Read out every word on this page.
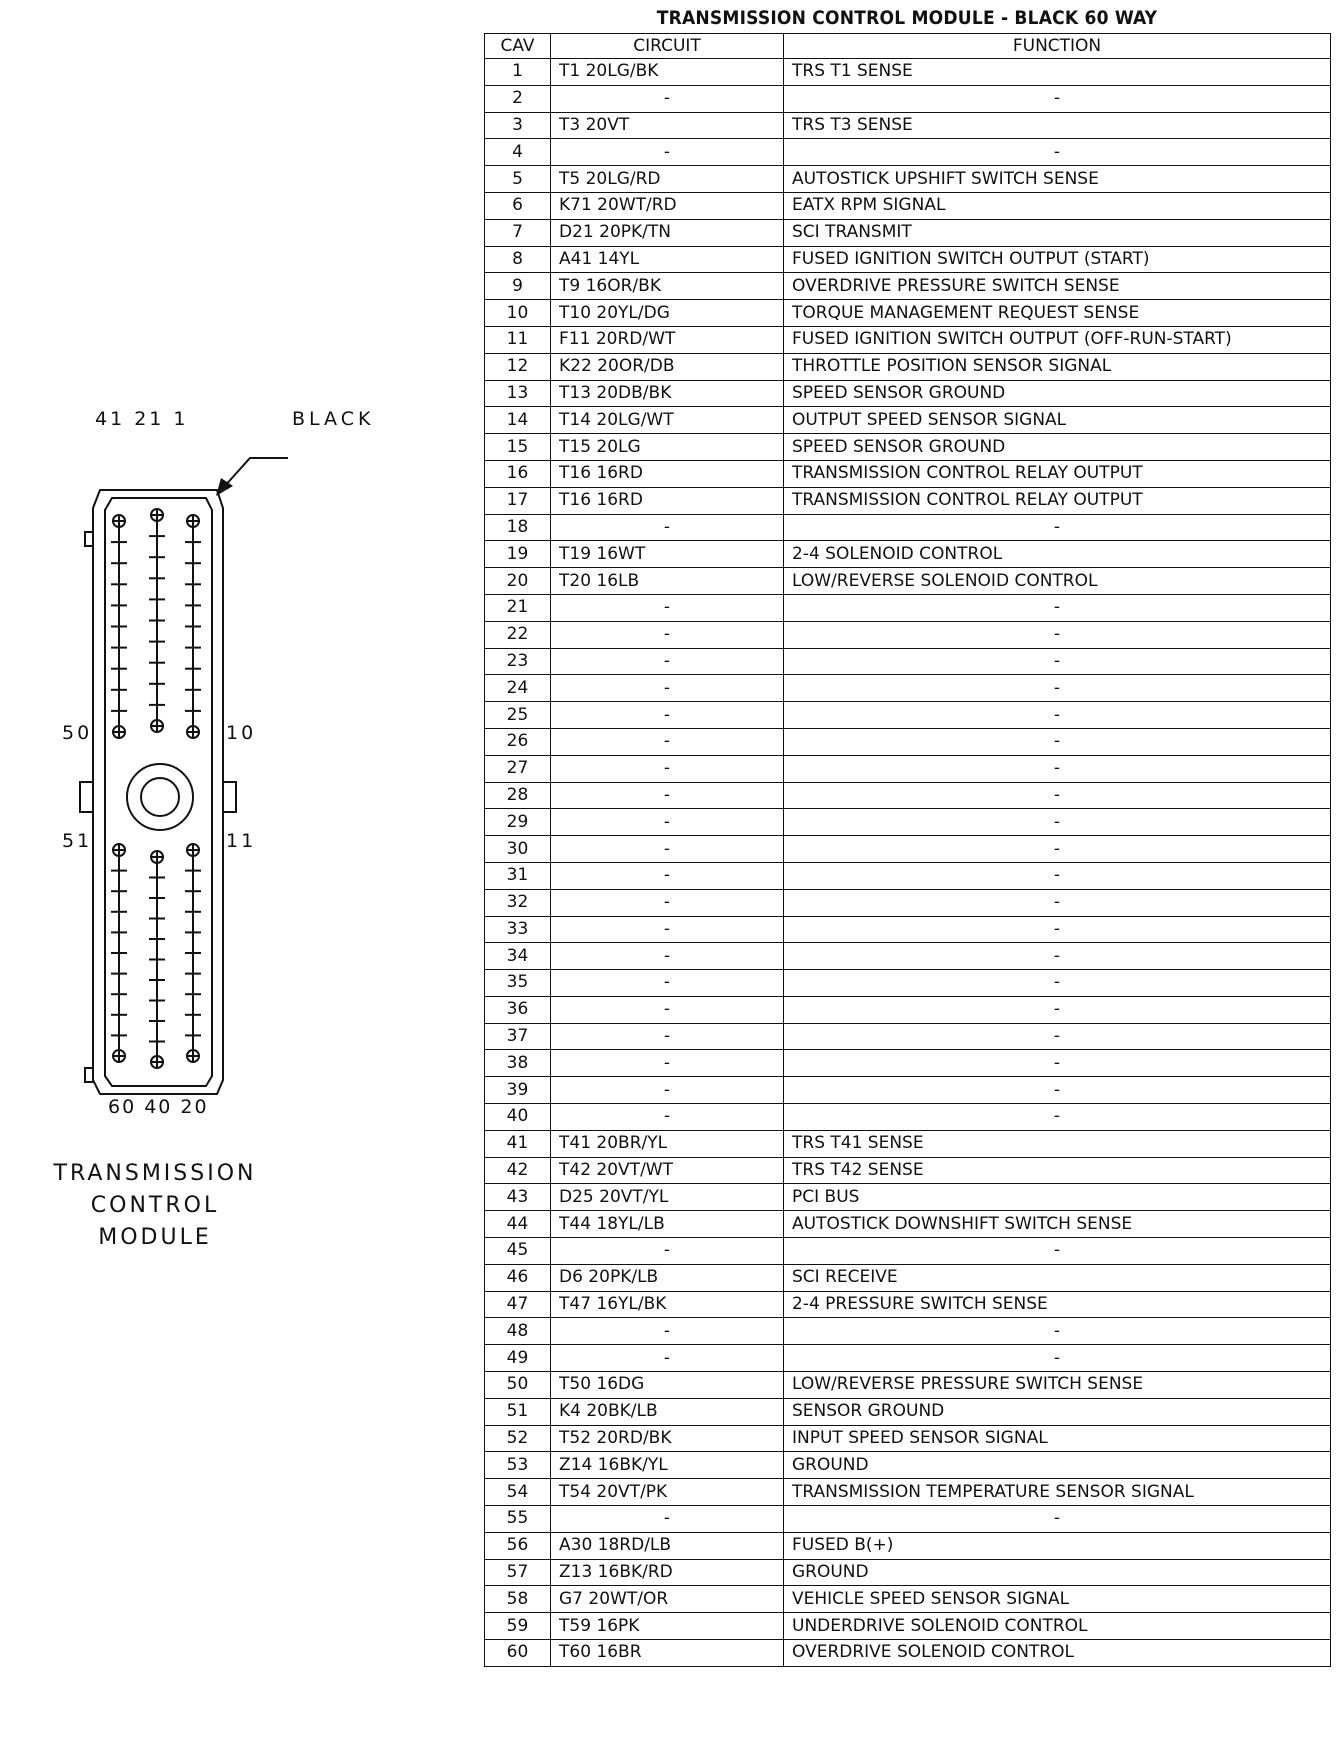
TRANSMISSION CONTROL MODULE - BLACK 60 WAY
CAV	CIRCUIT	FUNCTION
1	T1 20LG/BK	TRS T1 SENSE
2	-	-
3	T3 20VT	TRS T3 SENSE
4	-	-
5	T5 20LG/RD	AUTOSTICK UPSHIFT SWITCH SENSE
6	K71 20WT/RD	EATX RPM SIGNAL
7	D21 20PK/TN	SCI TRANSMIT
8	A41 14YL	FUSED IGNITION SWITCH OUTPUT (START)
9	T9 16OR/BK	OVERDRIVE PRESSURE SWITCH SENSE
10	T10 20YL/DG	TORQUE MANAGEMENT REQUEST SENSE
11	F11 20RD/WT	FUSED IGNITION SWITCH OUTPUT (OFF-RUN-START)
12	K22 20OR/DB	THROTTLE POSITION SENSOR SIGNAL
13	T13 20DB/BK	SPEED SENSOR GROUND
14	T14 20LG/WT	OUTPUT SPEED SENSOR SIGNAL
15	T15 20LG	SPEED SENSOR GROUND
16	T16 16RD	TRANSMISSION CONTROL RELAY OUTPUT
17	T16 16RD	TRANSMISSION CONTROL RELAY OUTPUT
18	-	-
19	T19 16WT	2-4 SOLENOID CONTROL
20	T20 16LB	LOW/REVERSE SOLENOID CONTROL
21	-	-
22	-	-
23	-	-
24	-	-
25	-	-
26	-	-
27	-	-
28	-	-
29	-	-
30	-	-
31	-	-
32	-	-
33	-	-
34	-	-
35	-	-
36	-	-
37	-	-
38	-	-
39	-	-
40	-	-
41	T41 20BR/YL	TRS T41 SENSE
42	T42 20VT/WT	TRS T42 SENSE
43	D25 20VT/YL	PCI BUS
44	T44 18YL/LB	AUTOSTICK DOWNSHIFT SWITCH SENSE
45	-	-
46	D6 20PK/LB	SCI RECEIVE
47	T47 16YL/BK	2-4 PRESSURE SWITCH SENSE
48	-	-
49	-	-
50	T50 16DG	LOW/REVERSE PRESSURE SWITCH SENSE
51	K4 20BK/LB	SENSOR GROUND
52	T52 20RD/BK	INPUT SPEED SENSOR SIGNAL
53	Z14 16BK/YL	GROUND
54	T54 20VT/PK	TRANSMISSION TEMPERATURE SENSOR SIGNAL
55	-	-
56	A30 18RD/LB	FUSED B(+)
57	Z13 16BK/RD	GROUND
58	G7 20WT/OR	VEHICLE SPEED SENSOR SIGNAL
59	T59 16PK	UNDERDRIVE SOLENOID CONTROL
60	T60 16BR	OVERDRIVE SOLENOID CONTROL
41 21 1	BLACK
50	10
51	11
60 40 20
TRANSMISSION
CONTROL
MODULE
